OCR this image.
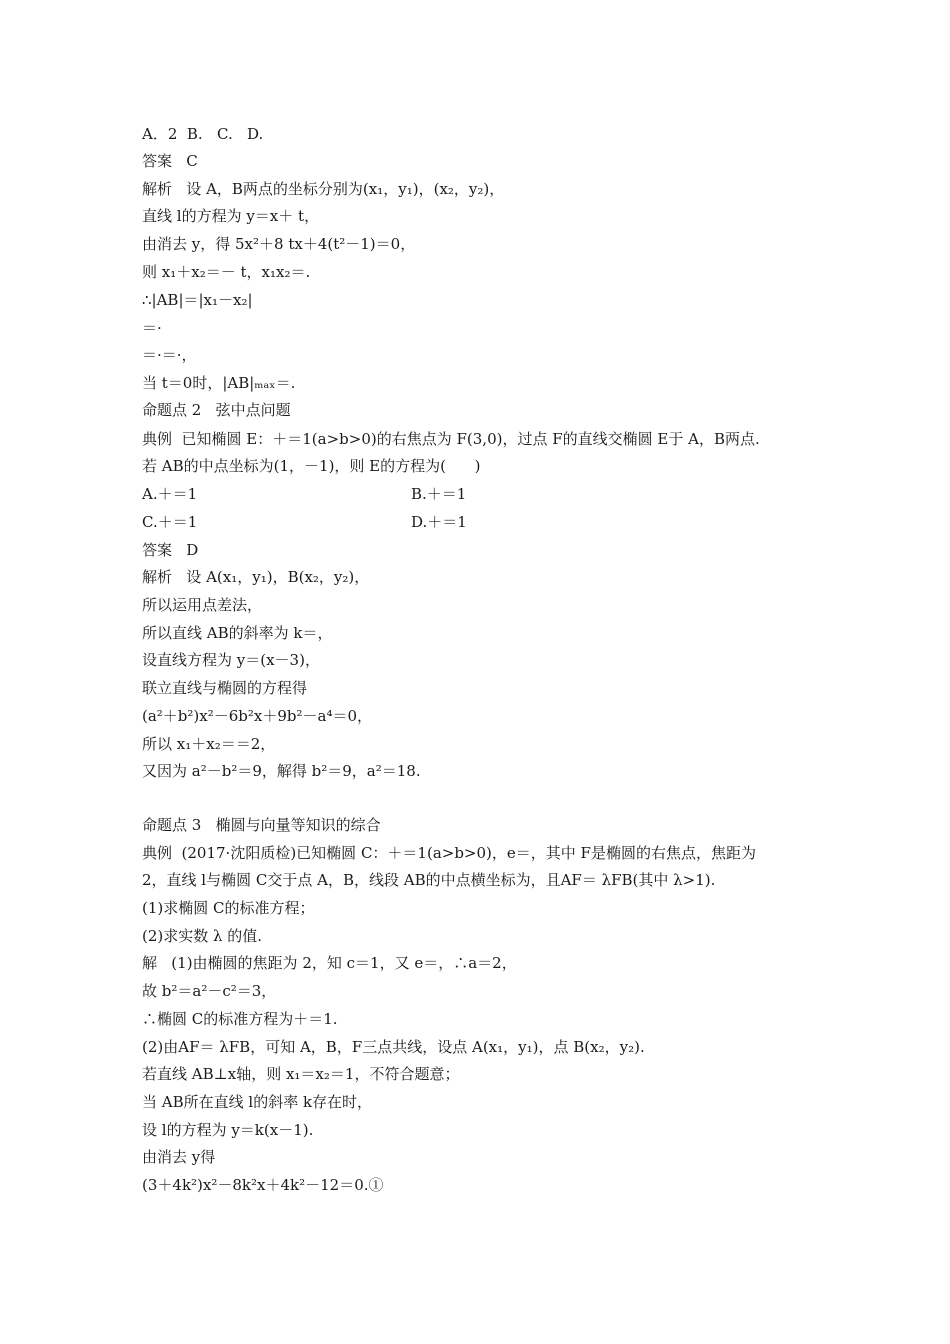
A．2  B.   C.   D.
答案   C
解析   设 A，B两点的坐标分别为(x₁，y₁)，(x₂，y₂)，
直线 l的方程为 y＝x＋ t，
由消去 y，得 5x²＋8 tx＋4(t²－1)＝0，
则 x₁＋x₂＝－ t，x₁x₂＝.
∴|AB|＝|x₁－x₂|
＝·
＝·＝·，
当 t＝0时，|AB|ₘₐₓ＝.
命题点 2   弦中点问题
典例  已知椭圆 E：＋＝1(a>b>0)的右焦点为 F(3,0)，过点 F的直线交椭圆 E于 A，B两点.
若 AB的中点坐标为(1，－1)，则 E的方程为(      )
A.＋＝1	B.＋＝1
C.＋＝1	D.＋＝1
答案   D
解析   设 A(x₁，y₁)，B(x₂，y₂)，
所以运用点差法，
所以直线 AB的斜率为 k＝，
设直线方程为 y＝(x－3)，
联立直线与椭圆的方程得
(a²＋b²)x²－6b²x＋9b²－a⁴＝0，
所以 x₁＋x₂＝＝2，
又因为 a²－b²＝9，解得 b²＝9，a²＝18.
命题点 3   椭圆与向量等知识的综合
典例  (2017·沈阳质检)已知椭圆 C：＋＝1(a>b>0)，e＝，其中 F是椭圆的右焦点，焦距为
2，直线 l与椭圆 C交于点 A，B，线段 AB的中点横坐标为，且AF＝ λFB(其中 λ>1).
(1)求椭圆 C的标准方程；
(2)求实数 λ 的值.
解   (1)由椭圆的焦距为 2，知 c＝1，又 e＝，∴a＝2，
故 b²＝a²－c²＝3，
∴椭圆 C的标准方程为＋＝1.
(2)由AF＝ λFB，可知 A，B，F三点共线，设点 A(x₁，y₁)，点 B(x₂，y₂).
若直线 AB⊥x轴，则 x₁＝x₂＝1，不符合题意；
当 AB所在直线 l的斜率 k存在时，
设 l的方程为 y＝k(x－1).
由消去 y得
(3＋4k²)x²－8k²x＋4k²－12＝0.①
